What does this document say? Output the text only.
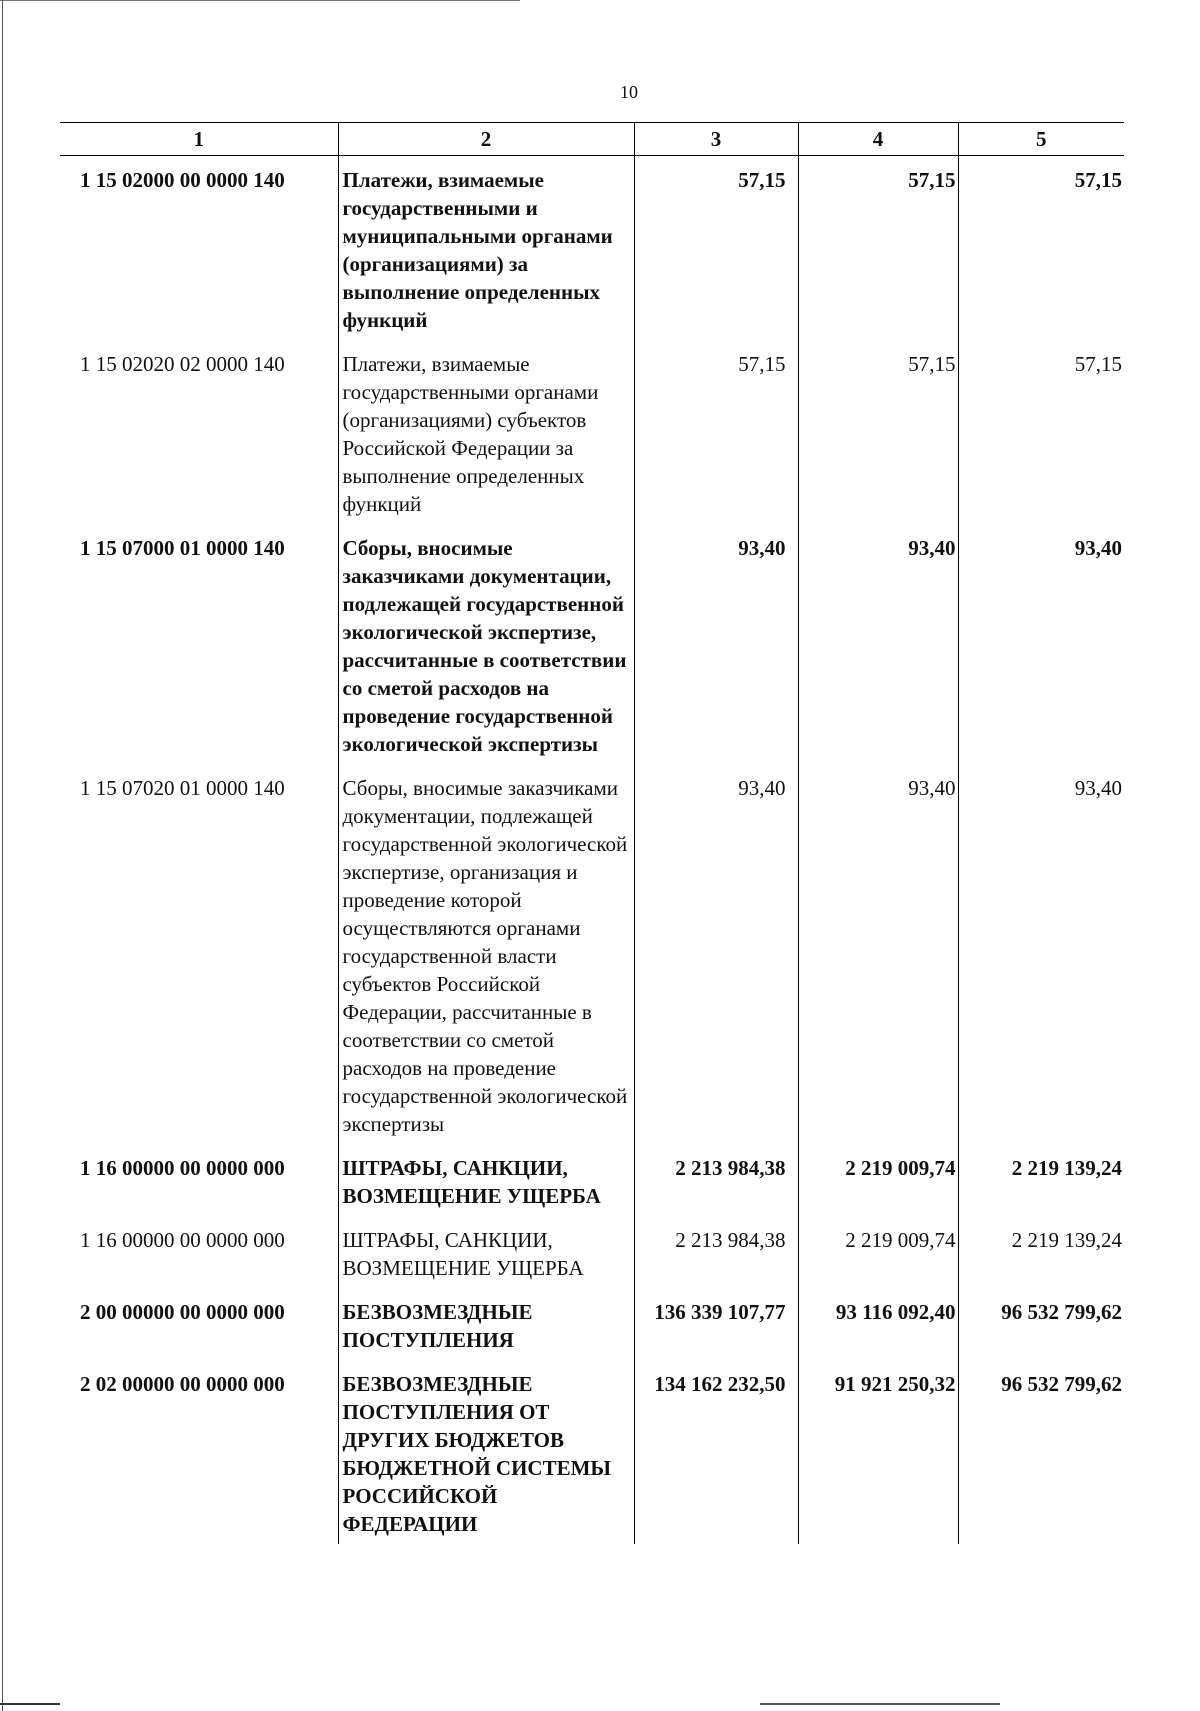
10
1	2	3	4	5
1 15 02000 00 0000 140	Платежи, взимаемые государственными и муниципальными органами (организациями) за выполнение определенных функций	57,15	57,15	57,15
1 15 02020 02 0000 140	Платежи, взимаемые государственными органами (организациями) субъектов Российской Федерации за выполнение определенных функций	57,15	57,15	57,15
1 15 07000 01 0000 140	Сборы, вносимые заказчиками документации, подлежащей государственной экологической экспертизе, рассчитанные в соответствии со сметой расходов на проведение государственной экологической экспертизы	93,40	93,40	93,40
1 15 07020 01 0000 140	Сборы, вносимые заказчиками документации, подлежащей государственной экологической экспертизе, организация и проведение которой осуществляются органами государственной власти субъектов Российской Федерации, рассчитанные в соответствии со сметой расходов на проведение государственной экологической экспертизы	93,40	93,40	93,40
1 16 00000 00 0000 000	ШТРАФЫ, САНКЦИИ, ВОЗМЕЩЕНИЕ УЩЕРБА	2 213 984,38	2 219 009,74	2 219 139,24
1 16 00000 00 0000 000	ШТРАФЫ, САНКЦИИ, ВОЗМЕЩЕНИЕ УЩЕРБА	2 213 984,38	2 219 009,74	2 219 139,24
2 00 00000 00 0000 000	БЕЗВОЗМЕЗДНЫЕ ПОСТУПЛЕНИЯ	136 339 107,77	93 116 092,40	96 532 799,62
2 02 00000 00 0000 000	БЕЗВОЗМЕЗДНЫЕ ПОСТУПЛЕНИЯ ОТ ДРУГИХ БЮДЖЕТОВ БЮДЖЕТНОЙ СИСТЕМЫ РОССИЙСКОЙ ФЕДЕРАЦИИ	134 162 232,50	91 921 250,32	96 532 799,62
